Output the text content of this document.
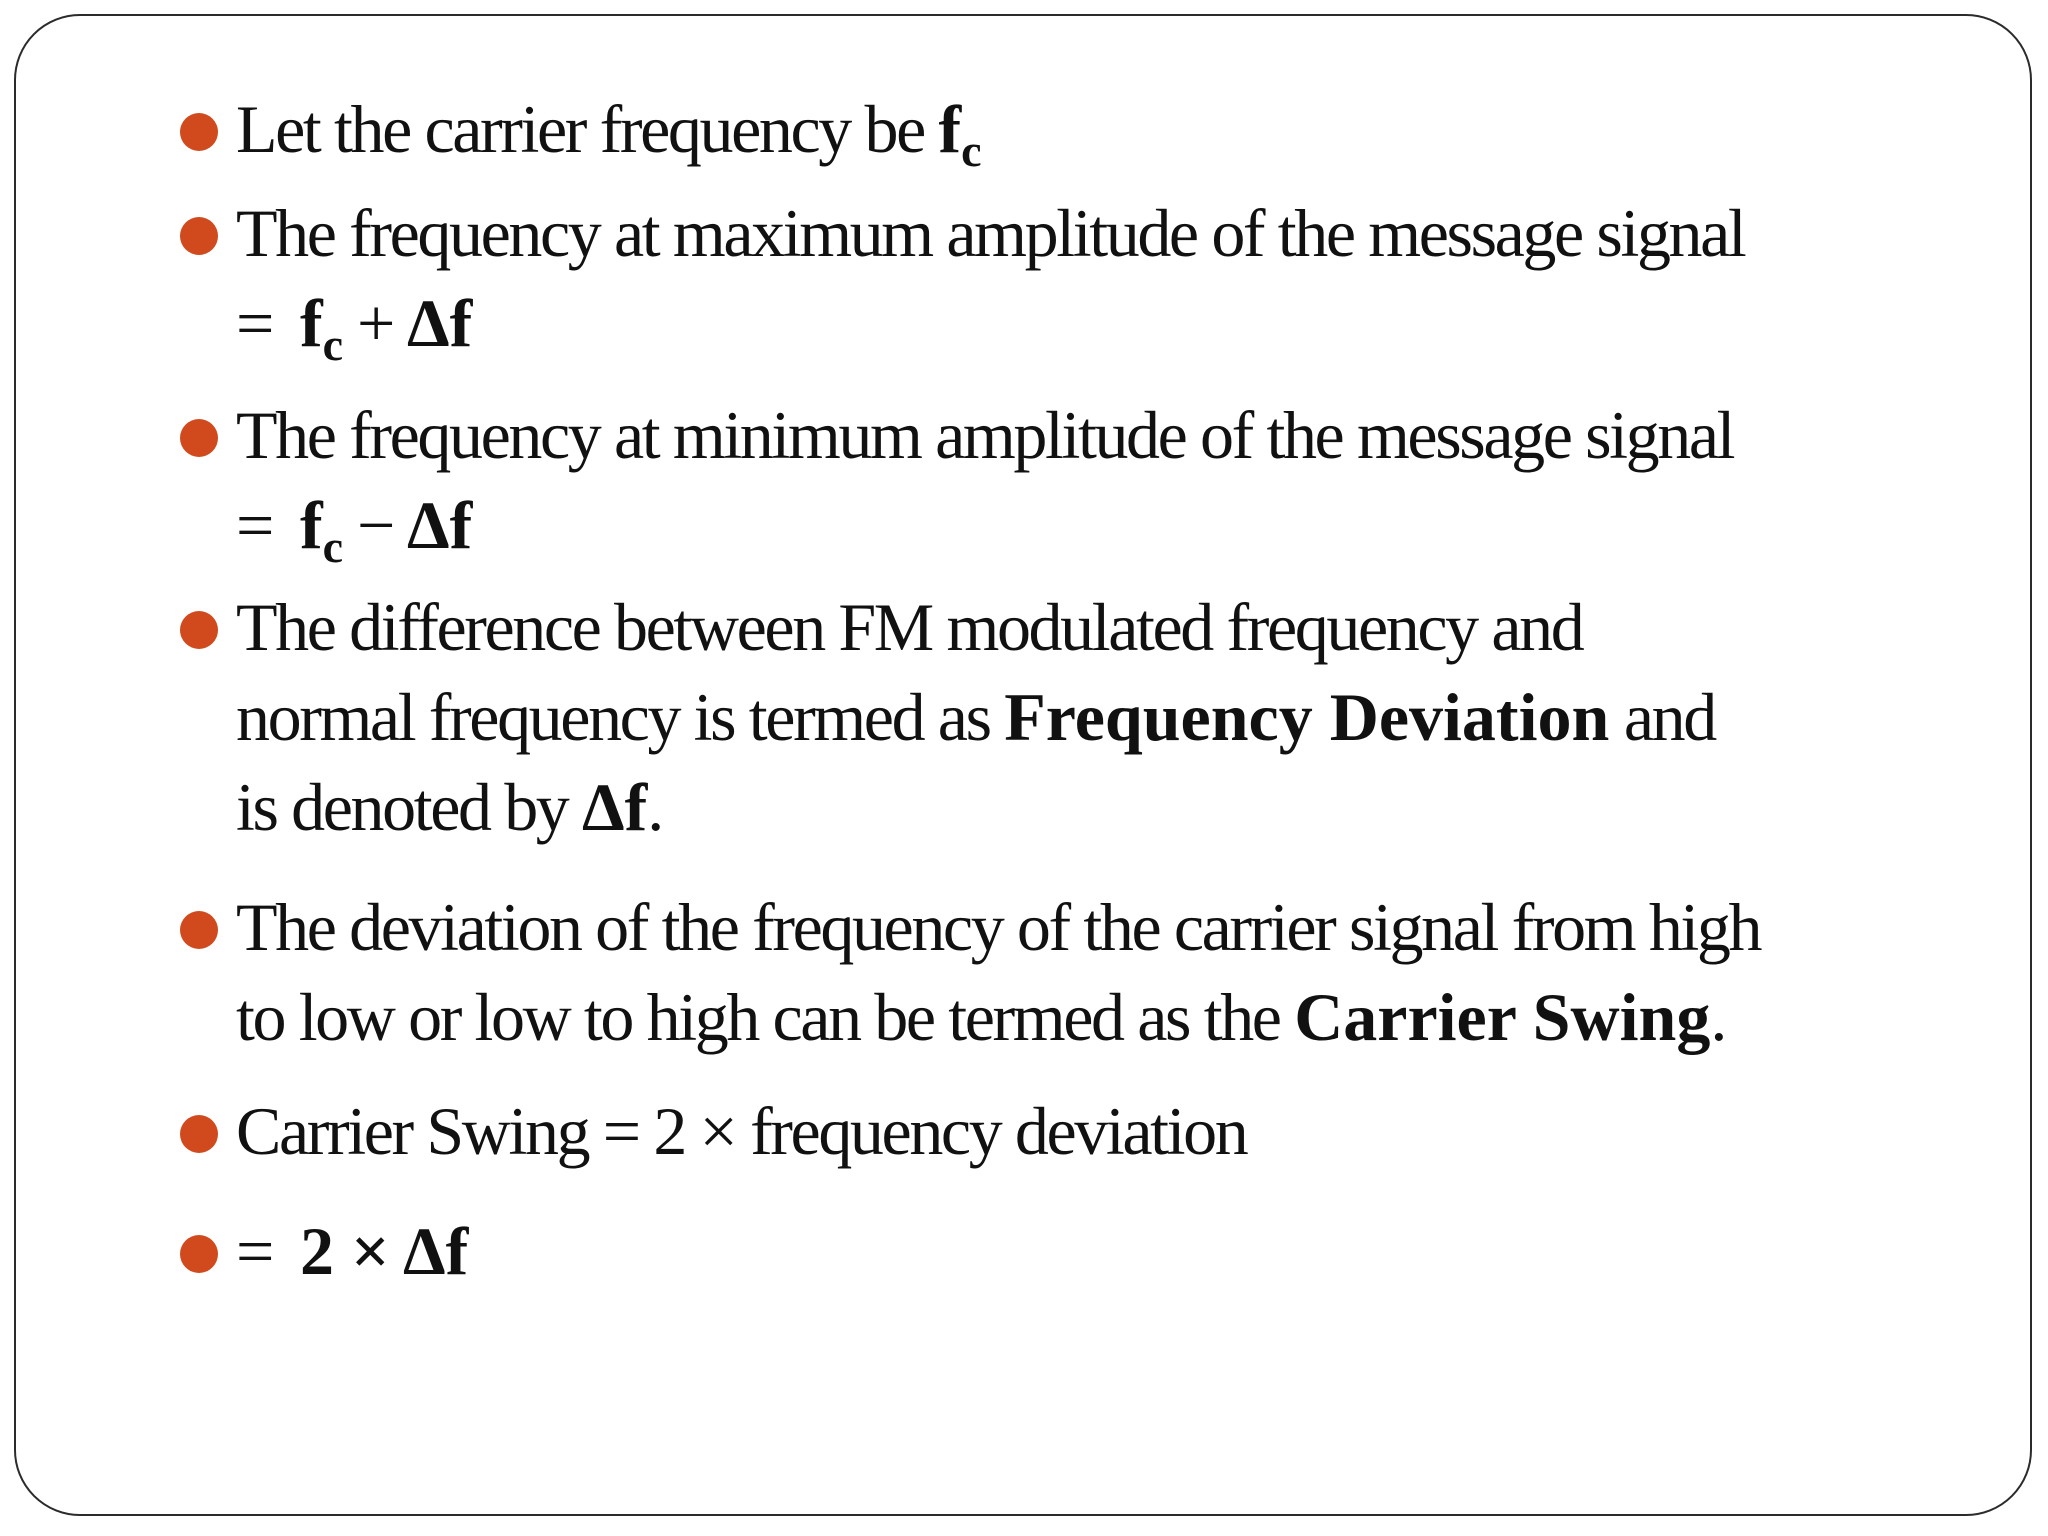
Let the carrier frequency be $f_c$
The frequency at maximum amplitude of the message signal
= $f_c + \Delta f$
The frequency at minimum amplitude of the message signal
= $f_c - \Delta f$
The difference between FM modulated frequency and
normal frequency is termed as Frequency Deviation and
is denoted by Δf.
The deviation of the frequency of the carrier signal from high
to low or low to high can be termed as the Carrier Swing.
Carrier Swing = 2 × frequency deviation
= 2 × Δf
